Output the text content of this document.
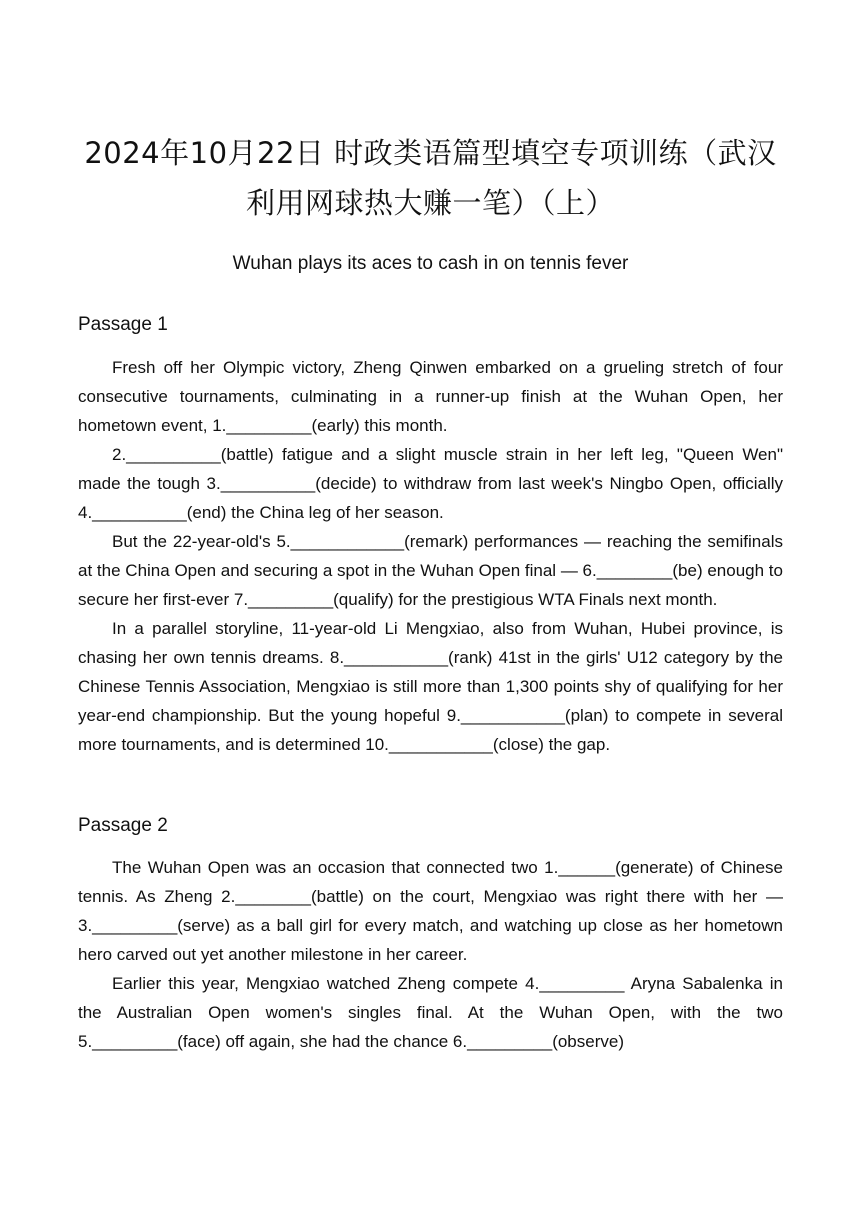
2024年10月22日 时政类语篇型填空专项训练（武汉利用网球热大赚一笔）（上）
Wuhan plays its aces to cash in on tennis fever
Passage 1

Fresh off her Olympic victory, Zheng Qinwen embarked on a grueling stretch of four consecutive tournaments, culminating in a runner-up finish at the Wuhan Open, her hometown event, 1._________(early) this month.

2.__________(battle) fatigue and a slight muscle strain in her left leg, "Queen Wen" made the tough 3.__________(decide) to withdraw from last week's Ningbo Open, officially 4.__________(end) the China leg of her season.

But the 22-year-old's 5.____________(remark) performances — reaching the semifinals at the China Open and securing a spot in the Wuhan Open final — 6.________(be) enough to secure her first-ever 7._________(qualify) for the prestigious WTA Finals next month.

In a parallel storyline, 11-year-old Li Mengxiao, also from Wuhan, Hubei province, is chasing her own tennis dreams. 8.___________(rank) 41st in the girls' U12 category by the Chinese Tennis Association, Mengxiao is still more than 1,300 points shy of qualifying for her year-end championship. But the young hopeful 9.___________(plan) to compete in several more tournaments, and is determined 10.___________(close) the gap.

Passage 2

The Wuhan Open was an occasion that connected two 1.______(generate) of Chinese tennis. As Zheng 2.________(battle) on the court, Mengxiao was right there with her — 3._________(serve) as a ball girl for every match, and watching up close as her hometown hero carved out yet another milestone in her career.

Earlier this year, Mengxiao watched Zheng compete 4._________ Aryna Sabalenka in the Australian Open women's singles final. At the Wuhan Open, with the two 5._________(face) off again, she had the chance 6._________(observe)
